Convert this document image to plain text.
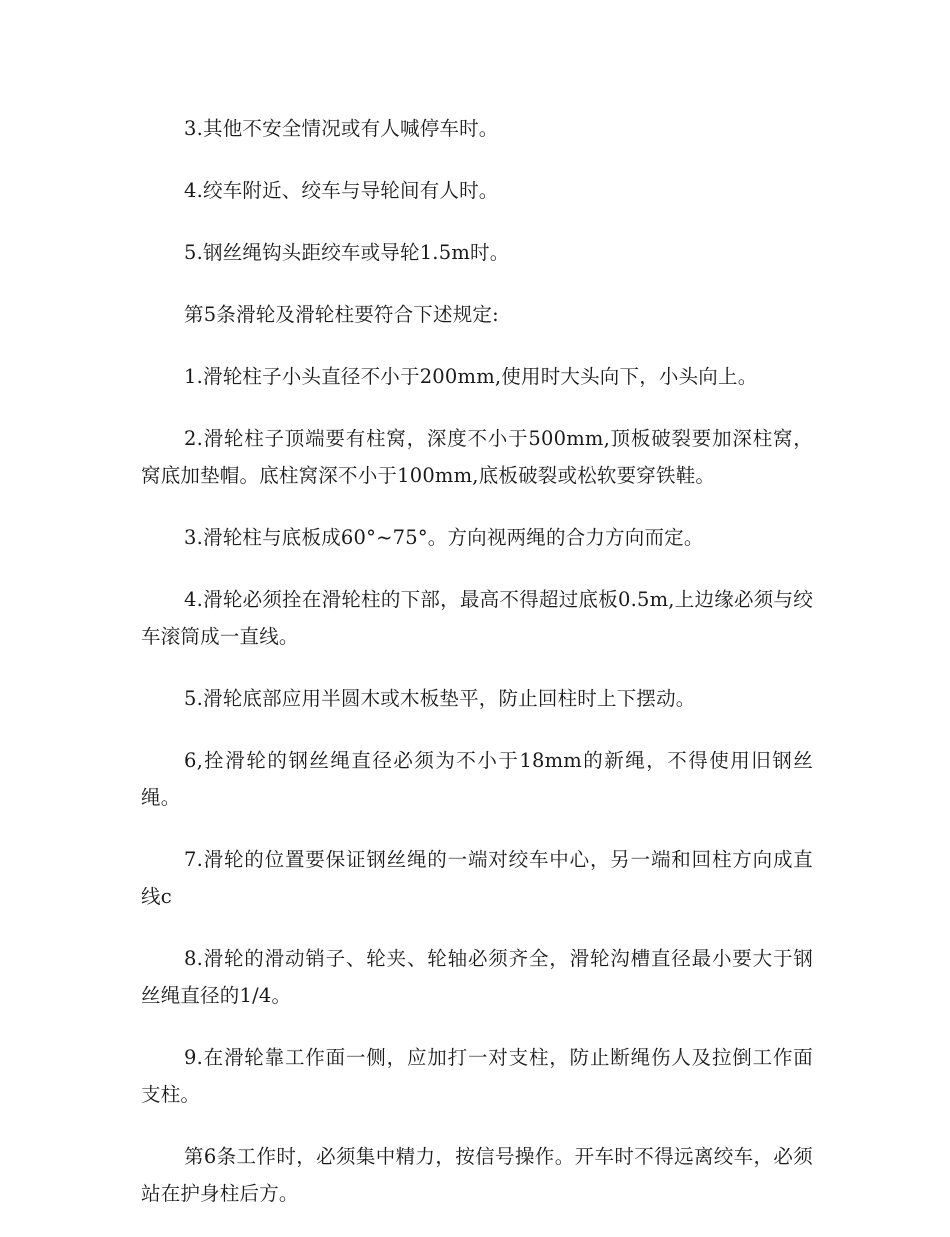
3.其他不安全情况或有人喊停车时。

4.绞车附近、绞车与导轮间有人时。

5.钢丝绳钩头距绞车或导轮1.5m时。

第5条滑轮及滑轮柱要符合下述规定:

1.滑轮柱子小头直径不小于200mm,使用时大头向下，小头向上。

2.滑轮柱子顶端要有柱窝，深度不小于500mm,顶板破裂要加深柱窝，窝底加垫帽。底柱窝深不小于100mm,底板破裂或松软要穿铁鞋。

3.滑轮柱与底板成60°~75°。方向视两绳的合力方向而定。

4.滑轮必须拴在滑轮柱的下部，最高不得超过底板0.5m,上边缘必须与绞车滚筒成一直线。

5.滑轮底部应用半圆木或木板垫平，防止回柱时上下摆动。

6,拴滑轮的钢丝绳直径必须为不小于18mm的新绳，不得使用旧钢丝绳。

7.滑轮的位置要保证钢丝绳的一端对绞车中心，另一端和回柱方向成直线c

8.滑轮的滑动销子、轮夹、轮轴必须齐全，滑轮沟槽直径最小要大于钢丝绳直径的1/4。

9.在滑轮靠工作面一侧，应加打一对支柱，防止断绳伤人及拉倒工作面支柱。

第6条工作时，必须集中精力，按信号操作。开车时不得远离绞车，必须站在护身柱后方。
